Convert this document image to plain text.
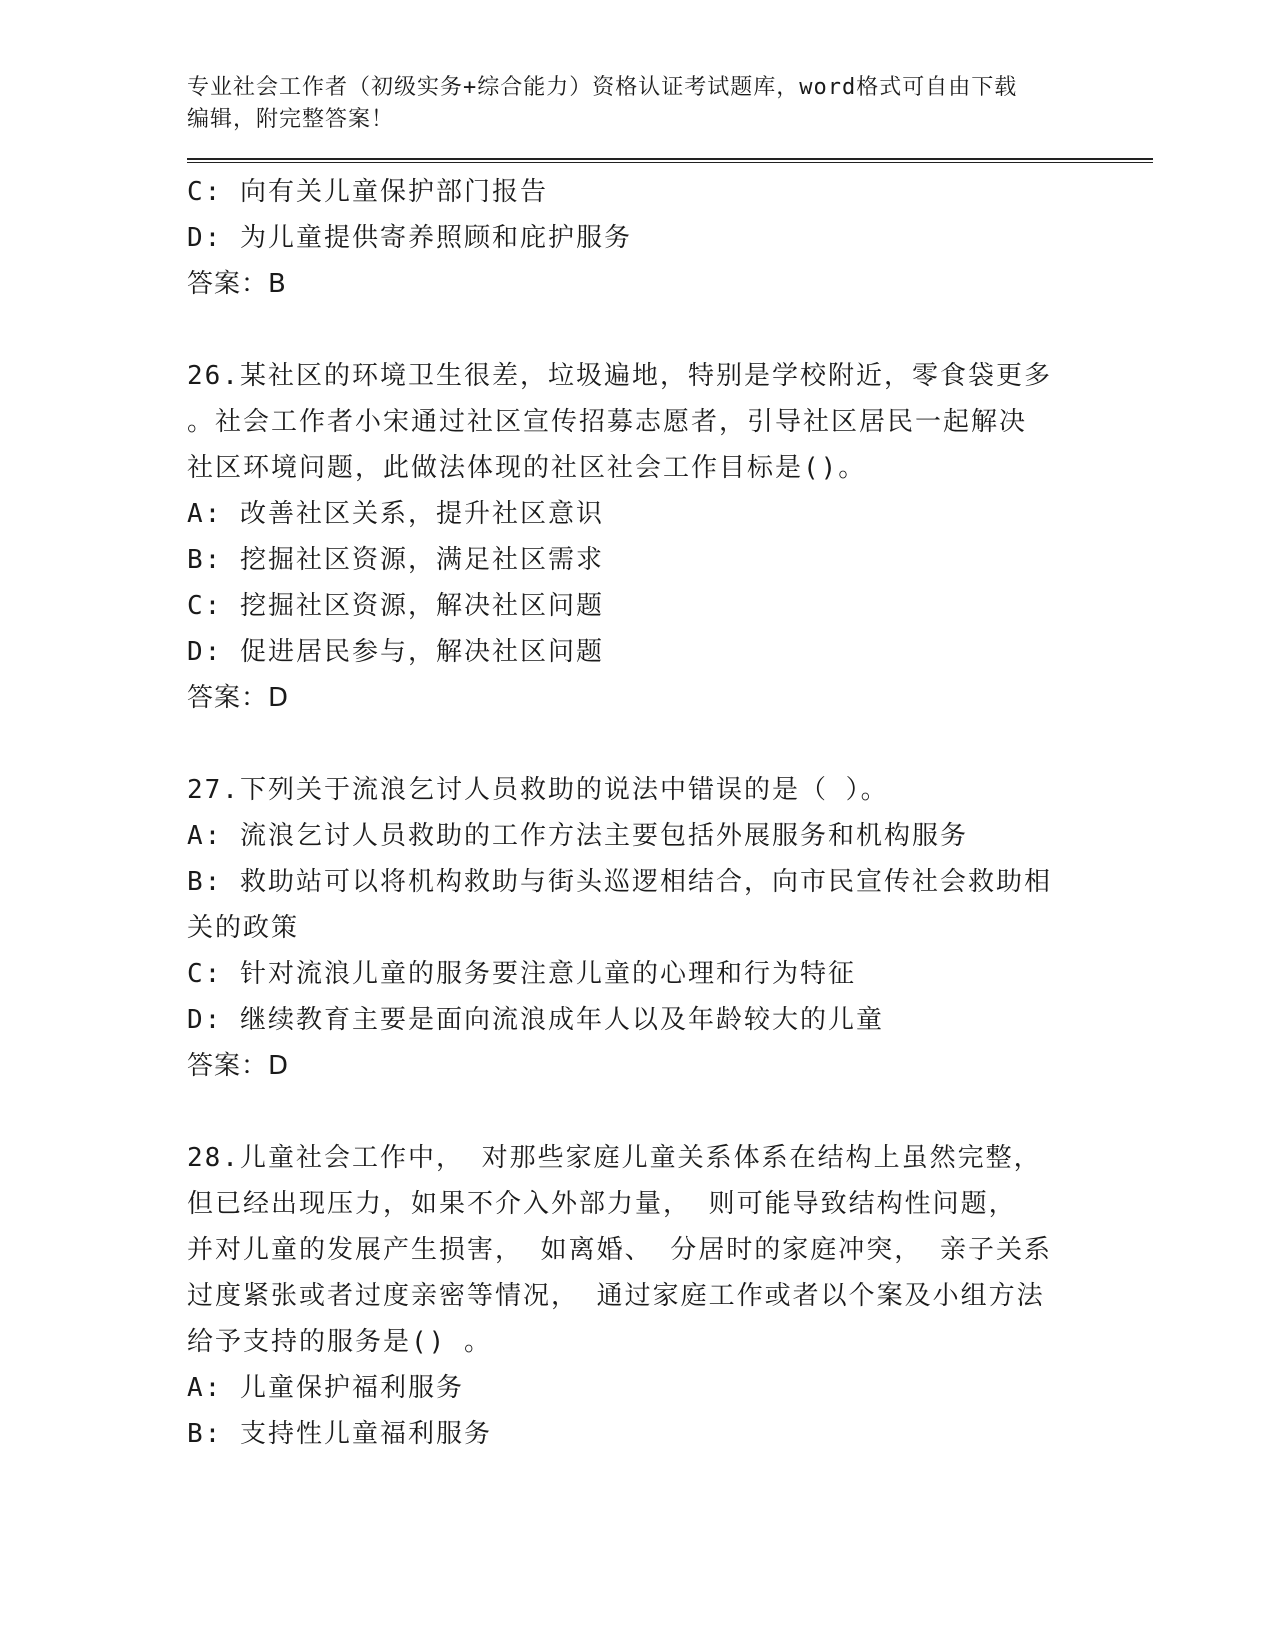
专业社会工作者（初级实务+综合能力）资格认证考试题库，word格式可自由下载
编辑，附完整答案！
C: 向有关儿童保护部门报告
D: 为儿童提供寄养照顾和庇护服务
答案：B
26.某社区的环境卫生很差，垃圾遍地，特别是学校附近，零食袋更多
。社会工作者小宋通过社区宣传招募志愿者，引导社区居民一起解决
社区环境问题，此做法体现的社区社会工作目标是()。
A: 改善社区关系，提升社区意识
B: 挖掘社区资源，满足社区需求
C: 挖掘社区资源，解决社区问题
D: 促进居民参与，解决社区问题
答案：D
27.下列关于流浪乞讨人员救助的说法中错误的是（ ）。
A: 流浪乞讨人员救助的工作方法主要包括外展服务和机构服务
B: 救助站可以将机构救助与街头巡逻相结合，向市民宣传社会救助相
关的政策
C: 针对流浪儿童的服务要注意儿童的心理和行为特征
D: 继续教育主要是面向流浪成年人以及年龄较大的儿童
答案：D
28.儿童社会工作中， 对那些家庭儿童关系体系在结构上虽然完整，
但已经出现压力，如果不介入外部力量， 则可能导致结构性问题，
并对儿童的发展产生损害， 如离婚、 分居时的家庭冲突， 亲子关系
过度紧张或者过度亲密等情况， 通过家庭工作或者以个案及小组方法
给予支持的服务是() 。
A: 儿童保护福利服务
B: 支持性儿童福利服务
